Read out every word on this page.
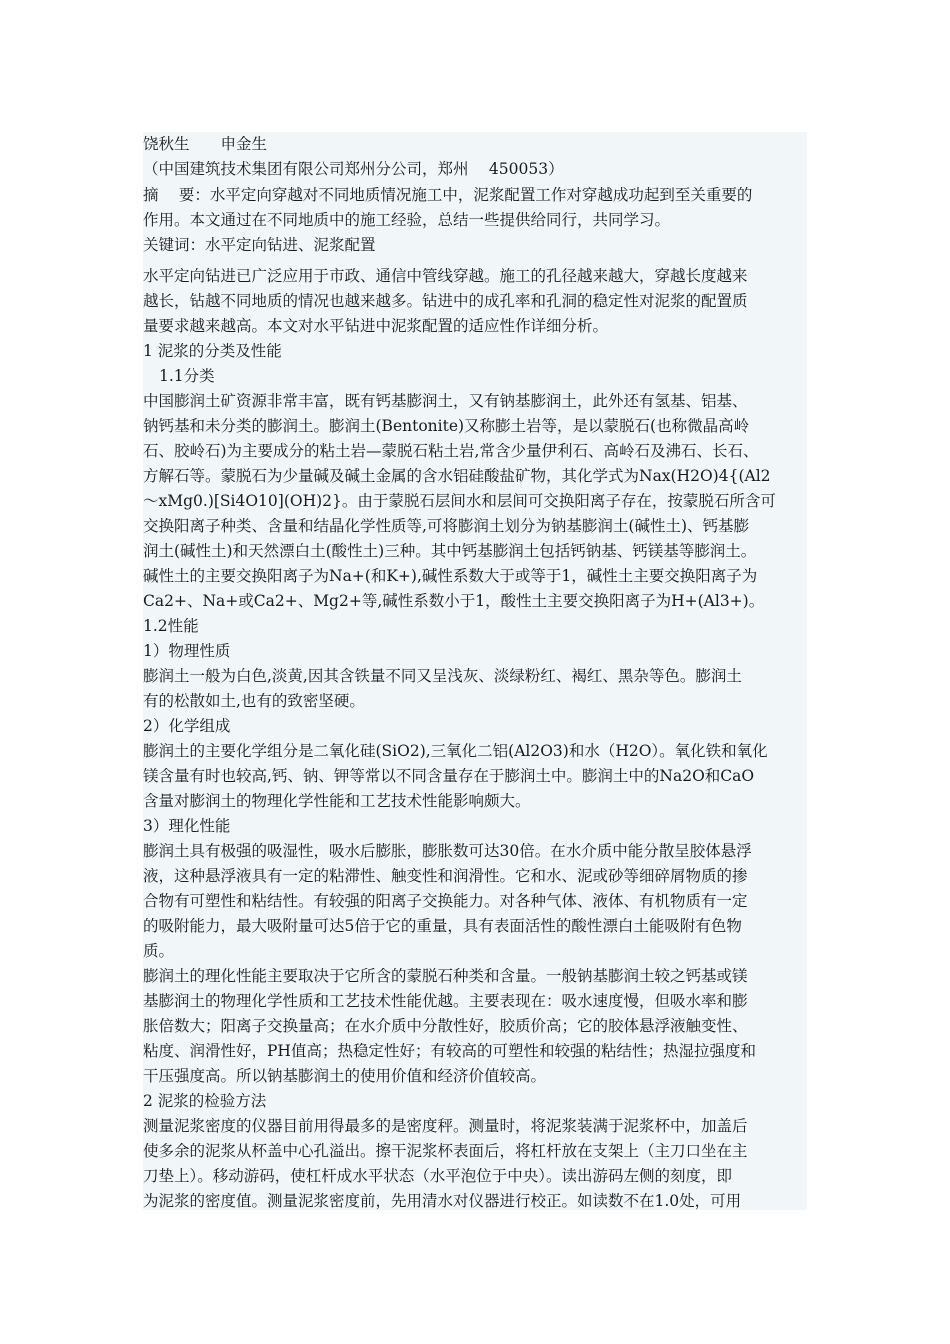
饶秋生　　申金生
（中国建筑技术集团有限公司郑州分公司，郑州　 450053）
摘　 要：水平定向穿越对不同地质情况施工中，泥浆配置工作对穿越成功起到至关重要的
作用。本文通过在不同地质中的施工经验，总结一些提供给同行，共同学习。
关键词：水平定向钻进、泥浆配置
水平定向钻进已广泛应用于市政、通信中管线穿越。施工的孔径越来越大，穿越长度越来
越长，钻越不同地质的情况也越来越多。钻进中的成孔率和孔洞的稳定性对泥浆的配置质
量要求越来越高。本文对水平钻进中泥浆配置的适应性作详细分析。
1 泥浆的分类及性能
1.1分类
中国膨润土矿资源非常丰富，既有钙基膨润土，又有钠基膨润土，此外还有氢基、铝基、
钠钙基和未分类的膨润土。膨润土(Bentonite)又称膨土岩等，是以蒙脱石(也称微晶高岭
石、胶岭石)为主要成分的粘土岩—蒙脱石粘土岩,常含少量伊利石、高岭石及沸石、长石、
方解石等。蒙脱石为少量碱及碱土金属的含水铝硅酸盐矿物，其化学式为Nax(H2O)4{(Al2
～xMg0.)[Si4O10](OH)2}。由于蒙脱石层间水和层间可交换阳离子存在，按蒙脱石所含可
交换阳离子种类、含量和结晶化学性质等,可将膨润土划分为钠基膨润土(碱性土)、钙基膨
润土(碱性土)和天然漂白土(酸性土)三种。其中钙基膨润土包括钙钠基、钙镁基等膨润土。
碱性土的主要交换阳离子为Na+(和K+),碱性系数大于或等于1，碱性土主要交换阳离子为
Ca2+、Na+或Ca2+、Mg2+等,碱性系数小于1，酸性土主要交换阳离子为H+(Al3+)。
1.2性能
1）物理性质
膨润土一般为白色,淡黄,因其含铁量不同又呈浅灰、淡绿粉红、褐红、黑杂等色。膨润土
有的松散如土,也有的致密坚硬。
2）化学组成
膨润土的主要化学组分是二氧化硅(SiO2),三氧化二铝(Al2O3)和水（H2O）。氧化铁和氧化
镁含量有时也较高,钙、钠、钾等常以不同含量存在于膨润土中。膨润土中的Na2O和CaO
含量对膨润土的物理化学性能和工艺技术性能影响颇大。
3）理化性能
膨润土具有极强的吸湿性，吸水后膨胀，膨胀数可达30倍。在水介质中能分散呈胶体悬浮
液，这种悬浮液具有一定的粘滞性、触变性和润滑性。它和水、泥或砂等细碎屑物质的掺
合物有可塑性和粘结性。有较强的阳离子交换能力。对各种气体、液体、有机物质有一定
的吸附能力，最大吸附量可达5倍于它的重量，具有表面活性的酸性漂白土能吸附有色物
质。
膨润土的理化性能主要取决于它所含的蒙脱石种类和含量。一般钠基膨润土较之钙基或镁
基膨润土的物理化学性质和工艺技术性能优越。主要表现在：吸水速度慢，但吸水率和膨
胀倍数大；阳离子交换量高；在水介质中分散性好，胶质价高；它的胶体悬浮液触变性、
粘度、润滑性好，PH值高；热稳定性好；有较高的可塑性和较强的粘结性；热湿拉强度和
干压强度高。所以钠基膨润土的使用价值和经济价值较高。
2 泥浆的检验方法
测量泥浆密度的仪器目前用得最多的是密度秤。测量时，将泥浆装满于泥浆杯中，加盖后
使多余的泥浆从杯盖中心孔溢出。擦干泥浆杯表面后，将杠杆放在支架上（主刀口坐在主
刀垫上）。移动游码，使杠杆成水平状态（水平泡位于中央）。读出游码左侧的刻度，即
为泥浆的密度值。测量泥浆密度前，先用清水对仪器进行校正。如读数不在1.0处，可用
